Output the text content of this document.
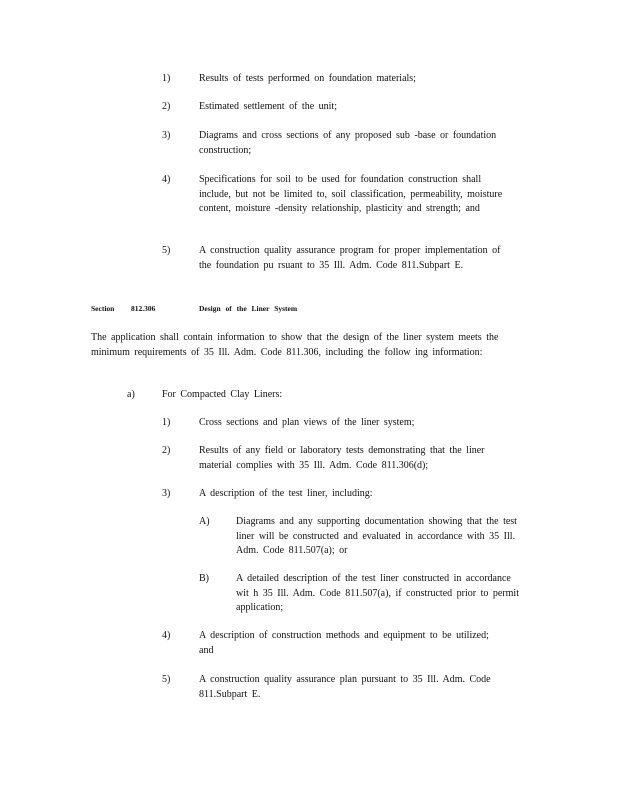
1)	Results of tests performed on foundation materials;
2)	Estimated settlement of the unit;
3)	Diagrams and cross sections of any proposed sub -base or foundation construction;
4)	Specifications for soil to be used for foundation construction shall include, but not be limited to, soil classification, permeability, moisture content, moisture -density relationship, plasticity and strength; and
5)	A construction quality assurance program for proper implementation of the foundation pu rsuant to 35 Ill. Adm. Code 811.Subpart E.
Section 812.306	Design of the Liner System
The application shall contain information to show that the design of the liner system meets the minimum requirements of 35 Ill. Adm. Code 811.306, including the follow ing information:
a)	For Compacted Clay Liners:
1)	Cross sections and plan views of the liner system;
2)	Results of any field or laboratory tests demonstrating that the liner material complies with 35 Ill. Adm. Code 811.306(d);
3)	A description of the test liner, including:
A)	Diagrams and any supporting documentation showing that the test liner will be constructed and evaluated in accordance with 35 Ill. Adm. Code 811.507(a); or
B)	A detailed description of the test liner constructed in accordance wit h 35 Ill. Adm. Code 811.507(a), if constructed prior to permit application;
4)	A description of construction methods and equipment to be utilized; and
5)	A construction quality assurance plan pursuant to 35 Ill. Adm. Code 811.Subpart E.
